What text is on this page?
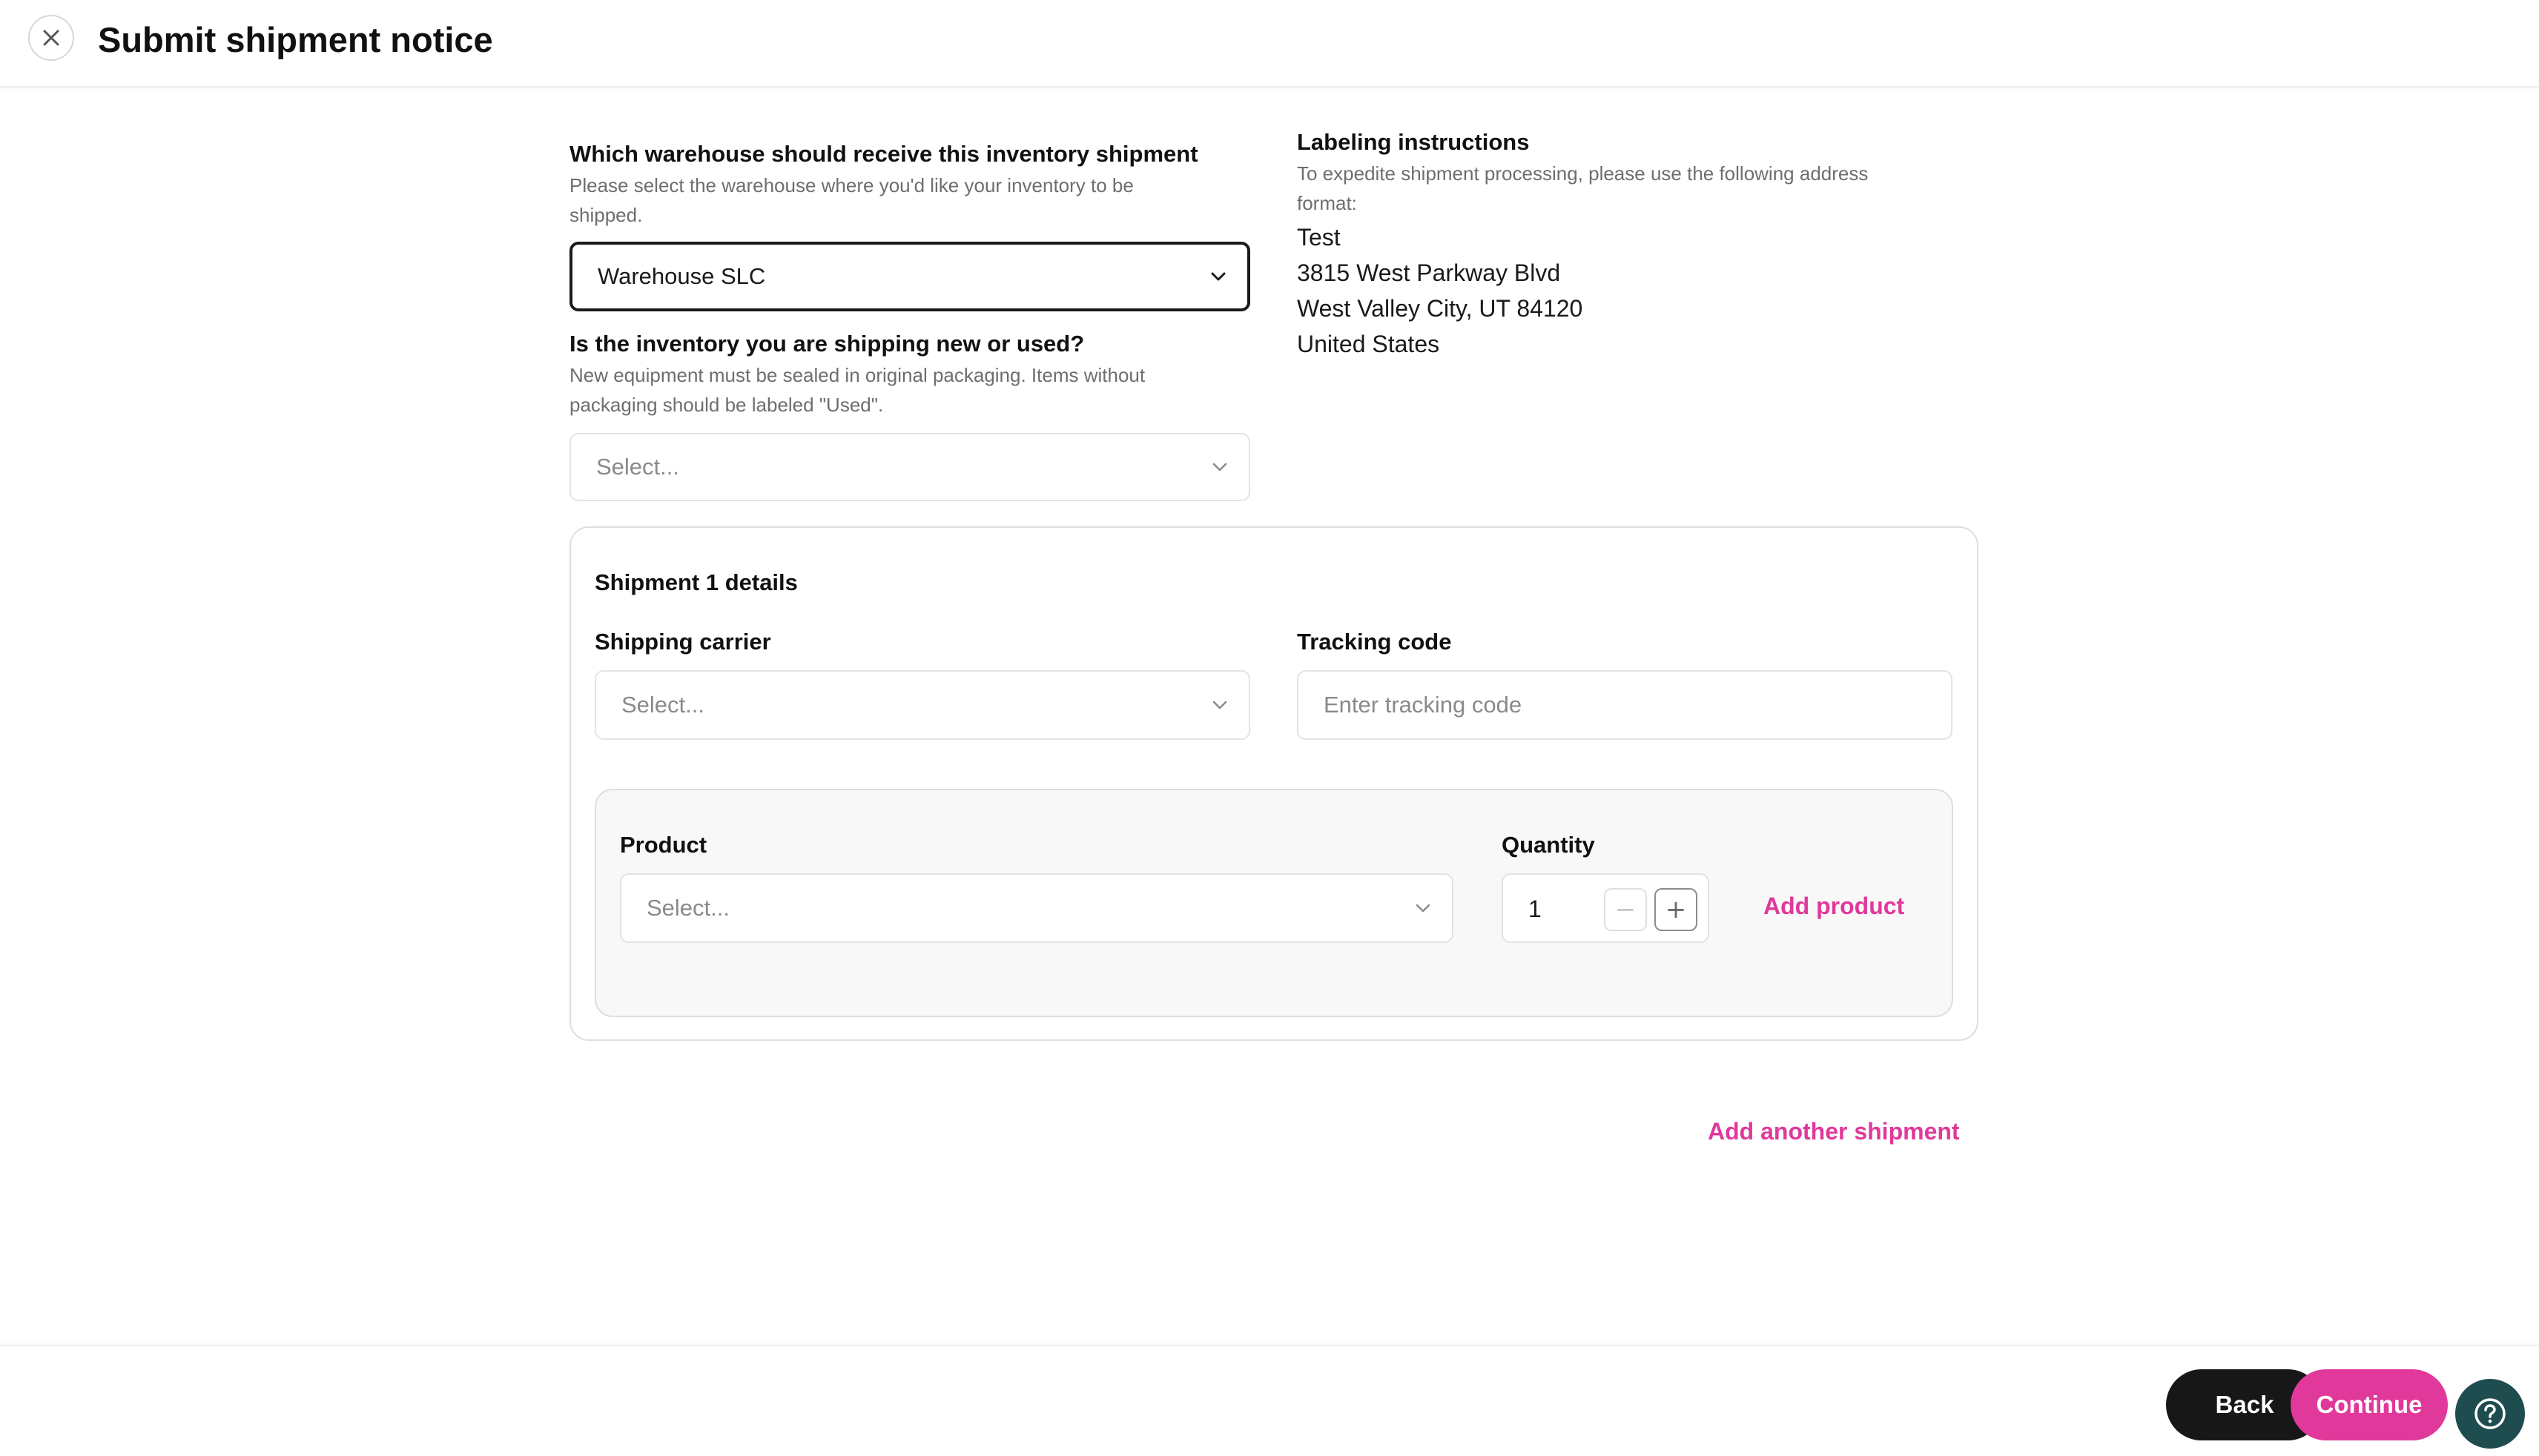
Submit shipment notice
Which warehouse should receive this inventory shipment
Please select the warehouse where you'd like your inventory to be
shipped.
Warehouse SLC
Is the inventory you are shipping new or used?
New equipment must be sealed in original packaging. Items without
packaging should be labeled "Used".
Select...
Labeling instructions
To expedite shipment processing, please use the following address
format:
Test
3815 West Parkway Blvd
West Valley City, UT 84120
United States
Shipment 1 details
Shipping carrier
Select...
Tracking code
Enter tracking code
Product
Select...
Quantity
1	−	+	Add product
Add another shipment
Back	Continue
